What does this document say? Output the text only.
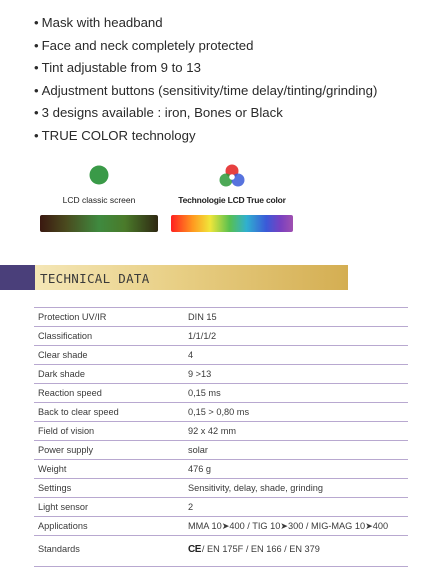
• Mask with headband
• Face and neck completely protected
• Tint adjustable from 9 to 13
• Adjustment buttons (sensitivity/time delay/tinting/grinding)
• 3 designs available : iron, Bones or Black
• TRUE COLOR technology
LCD classic screen	Technologie LCD True color
TECHNICAL DATA
Protection UV/IR	DIN 15
Classification	1/1/1/2
Clear shade	4
Dark shade	9 >13
Reaction speed	0,15 ms
Back to clear speed	0,15 > 0,80 ms
Field of vision	92 x 42 mm
Power supply	solar
Weight	476 g
Settings	Sensitivity, delay, shade, grinding
Light sensor	2
Applications	MMA 10➤400 / TIG 10➤300 / MIG-MAG 10➤400
Standards	CE/ EN 175F / EN 166 / EN 379
